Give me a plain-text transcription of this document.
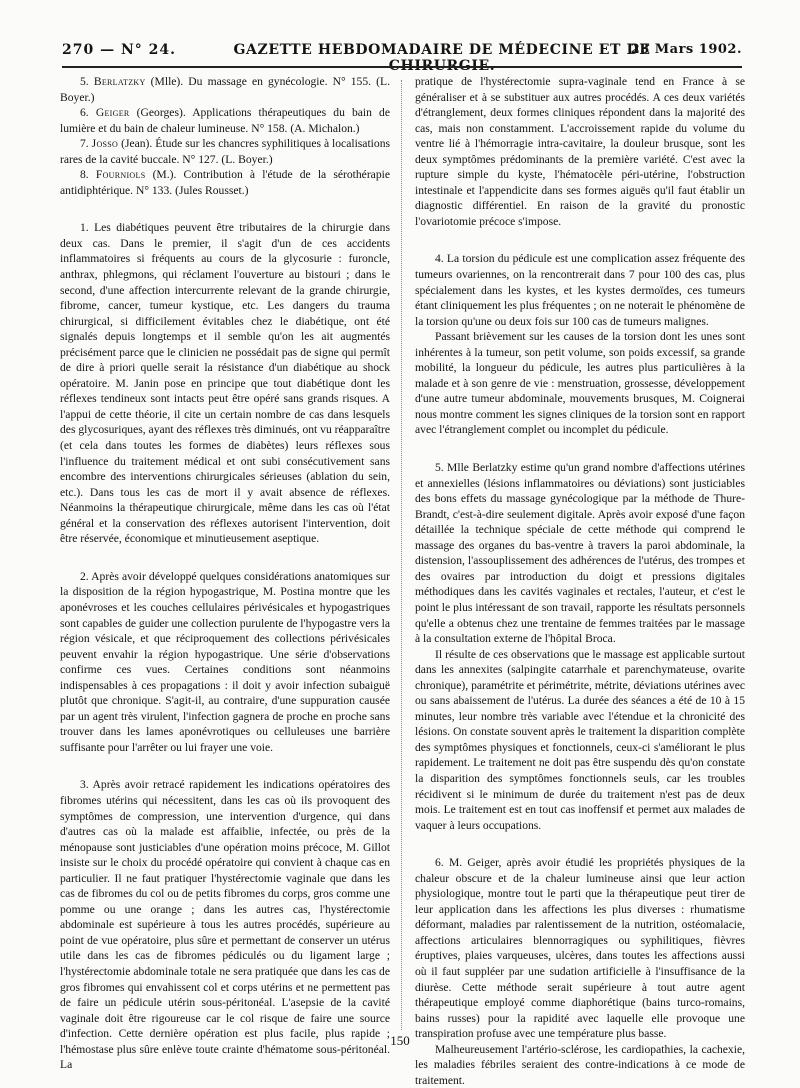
270 — N° 24.	GAZETTE HEBDOMADAIRE DE MÉDECINE ET DE CHIRURGIE.
23 Mars 1902.

5. Berlatzky (Mlle). Du massage en gynécologie. N° 155. (L. Boyer.)

6. Geiger (Georges). Applications thérapeutiques du bain de lumière et du bain de chaleur lumineuse. N° 158. (A. Michalon.)

7. Josso (Jean). Étude sur les chancres syphilitiques à localisations rares de la cavité buccale. N° 127. (L. Boyer.)

8. Fourniols (M.). Contribution à l'étude de la sérothérapie antidiphtérique. N° 133. (Jules Rousset.)

1. Les diabétiques peuvent être tributaires de la chirurgie dans deux cas. Dans le premier, il s'agit d'un de ces accidents inflammatoires si fréquents au cours de la glycosurie : furoncle, anthrax, phlegmons, qui réclament l'ouverture au bistouri ; dans le second, d'une affection intercurrente relevant de la grande chirurgie, fibrome, cancer, tumeur kystique, etc. Les dangers du trauma chirurgical, si difficilement évitables chez le diabétique, ont été signalés depuis longtemps et il semble qu'on les ait augmentés précisément parce que le clinicien ne possédait pas de signe qui permît de dire à priori quelle serait la résistance d'un diabétique au shock opératoire. M. Janin pose en principe que tout diabétique dont les réflexes tendineux sont intacts peut être opéré sans grands risques. A l'appui de cette théorie, il cite un certain nombre de cas dans lesquels des glycosuriques, ayant des réflexes très diminués, ont vu réapparaître (et cela dans toutes les formes de diabètes) leurs réflexes sous l'influence du traitement médical et ont subi consécutivement sans encombre des interventions chirurgicales sérieuses (ablation du sein, etc.). Dans tous les cas de mort il y avait absence de réflexes. Néanmoins la thérapeutique chirurgicale, même dans les cas où l'état général et la conservation des réflexes autorisent l'intervention, doit être réservée, économique et minutieusement aseptique.

2. Après avoir développé quelques considérations anatomiques sur la disposition de la région hypogastrique, M. Postina montre que les aponévroses et les couches cellulaires périvésicales et hypogastriques sont capables de guider une collection purulente de l'hypogastre vers la région vésicale, et que réciproquement des collections périvésicales peuvent envahir la région hypogastrique. Une série d'observations confirme ces vues. Certaines conditions sont néanmoins indispensables à ces propagations : il doit y avoir infection subaiguë plutôt que chronique. S'agit-il, au contraire, d'une suppuration causée par un agent très virulent, l'infection gagnera de proche en proche sans trouver dans les lames aponévrotiques ou celluleuses une barrière suffisante pour l'arrêter ou lui frayer une voie.

3. Après avoir retracé rapidement les indications opératoires des fibromes utérins qui nécessitent, dans les cas où ils provoquent des symptômes de compression, une intervention d'urgence, qui dans d'autres cas où la malade est affaiblie, infectée, ou près de la ménopause sont justiciables d'une opération moins précoce, M. Gillot insiste sur le choix du procédé opératoire qui convient à chaque cas en particulier. Il ne faut pratiquer l'hystérectomie vaginale que dans les cas de fibromes du col ou de petits fibromes du corps, gros comme une pomme ou une orange ; dans les autres cas, l'hystérectomie abdominale est supérieure à tous les autres procédés, supérieure au point de vue opératoire, plus sûre et permettant de conserver un utérus utile dans les cas de fibromes pédiculés ou du ligament large ; l'hystérectomie abdominale totale ne sera pratiquée que dans les cas de gros fibromes qui envahissent col et corps utérins et ne permettent pas de faire un pédicule utérin sous-péritonéal. L'asepsie de la cavité vaginale doit être rigoureuse car le col risque de faire une source d'infection. Cette dernière opération est plus facile, plus rapide ; l'hémostase plus sûre enlève toute crainte d'hématome sous-péritonéal. La

pratique de l'hystérectomie supra-vaginale tend en France à se généraliser et à se substituer aux autres procédés. A ces deux variétés d'étranglement, deux formes cliniques répondent dans la majorité des cas, mais non constamment. L'accroissement rapide du volume du ventre lié à l'hémorragie intra-cavitaire, la douleur brusque, sont les deux symptômes prédominants de la première variété. C'est avec la rupture simple du kyste, l'hématocèle péri-utérine, l'obstruction intestinale et l'appendicite dans ses formes aiguës qu'il faut établir un diagnostic différentiel. En raison de la gravité du pronostic l'ovariotomie précoce s'impose.

4. La torsion du pédicule est une complication assez fréquente des tumeurs ovariennes, on la rencontrerait dans 7 pour 100 des cas, plus spécialement dans les kystes, et les kystes dermoïdes, ces tumeurs étant cliniquement les plus fréquentes ; on ne noterait le phénomène de la torsion qu'une ou deux fois sur 100 cas de tumeurs malignes.

Passant brièvement sur les causes de la torsion dont les unes sont inhérentes à la tumeur, son petit volume, son poids excessif, sa grande mobilité, la longueur du pédicule, les autres plus particulières à la malade et à son genre de vie : menstruation, grossesse, développement d'une autre tumeur abdominale, mouvements brusques, M. Coignerai nous montre comment les signes cliniques de la torsion sont en rapport avec l'étranglement complet ou incomplet du pédicule.

5. Mlle Berlatzky estime qu'un grand nombre d'affections utérines et annexielles (lésions inflammatoires ou déviations) sont justiciables des bons effets du massage gynécologique par la méthode de Thure-Brandt, c'est-à-dire seulement digitale. Après avoir exposé d'une façon détaillée la technique spéciale de cette méthode qui comprend le massage des organes du bas-ventre à travers la paroi abdominale, la distension, l'assouplissement des adhérences de l'utérus, des trompes et des ovaires par introduction du doigt et pressions digitales méthodiques dans les cavités vaginales et rectales, l'auteur, et c'est le point le plus intéressant de son travail, rapporte les résultats personnels qu'elle a obtenus chez une trentaine de femmes traitées par le massage à la consultation externe de l'hôpital Broca.

Il résulte de ces observations que le massage est applicable surtout dans les annexites (salpingite catarrhale et parenchymateuse, ovarite chronique), paramétrite et périmétrite, métrite, déviations utérines avec ou sans abaissement de l'utérus. La durée des séances a été de 10 à 15 minutes, leur nombre très variable avec l'étendue et la chronicité des lésions. On constate souvent après le traitement la disparition complète des symptômes physiques et fonctionnels, ceux-ci s'améliorant le plus rapidement. Le traitement ne doit pas être suspendu dès qu'on constate la disparition des symptômes fonctionnels seuls, car les troubles récidivent si le minimum de durée du traitement n'est pas de deux mois. Le traitement est en tout cas inoffensif et permet aux malades de vaquer à leurs occupations.

6. M. Geiger, après avoir étudié les propriétés physiques de la chaleur obscure et de la chaleur lumineuse ainsi que leur action physiologique, montre tout le parti que la thérapeutique peut tirer de leur application dans les affections les plus diverses : rhumatisme déformant, maladies par ralentissement de la nutrition, ostéomalacie, affections articulaires blennorragiques ou syphilitiques, fièvres éruptives, plaies varqueuses, ulcères, dans toutes les affections aussi où il faut suppléer par une sudation artificielle à l'insuffisance de la diurèse. Cette méthode serait supérieure à tout autre agent thérapeutique employé comme diaphorétique (bains turco-romains, bains russes) pour la rapidité avec laquelle elle provoque une transpiration profuse avec une température plus basse.

Malheureusement l'artério-sclérose, les cardiopathies, la cachexie, les maladies fébriles seraient des contre-indications à ce mode de traitement.

150
